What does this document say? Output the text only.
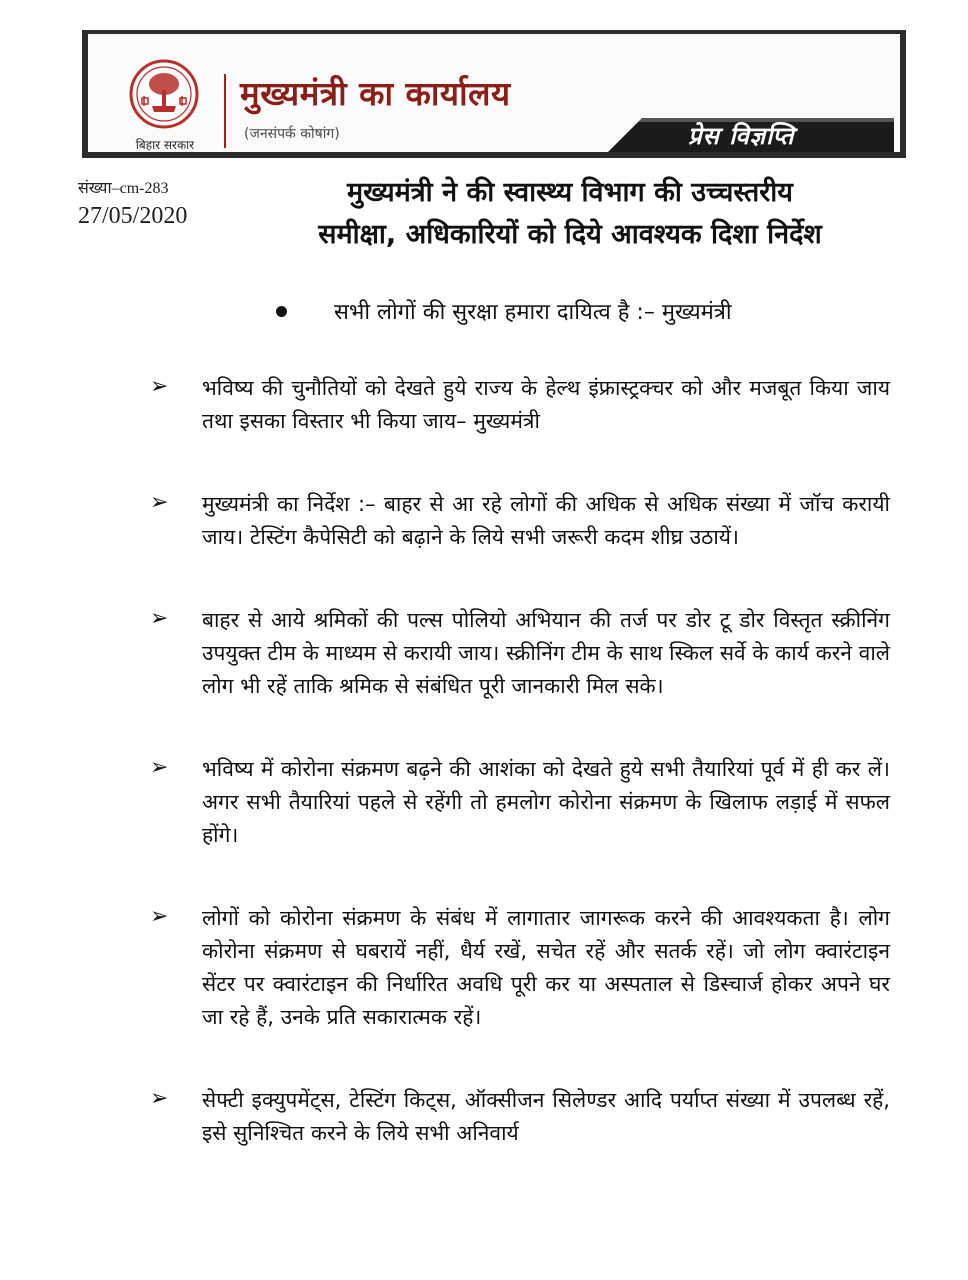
बिहार सरकार
मुख्यमंत्री का कार्यालय
(जनसंपर्क कोषांग)	प्रेस विज्ञप्ति
संख्या–cm-283
27/05/2020
मुख्यमंत्री ने की स्वास्थ्य विभाग की उच्चस्तरीय
समीक्षा, अधिकारियों को दिये आवश्यक दिशा निर्देश
सभी लोगों की सुरक्षा हमारा दायित्व है :– मुख्यमंत्री
➢ भविष्य की चुनौतियों को देखते हुये राज्य के हेल्थ इंफ्रास्ट्रक्चर को और मजबूत किया जाय तथा इसका विस्तार भी किया जाय– मुख्यमंत्री
➢ मुख्यमंत्री का निर्देश :– बाहर से आ रहे लोगों की अधिक से अधिक संख्या में जॉच करायी जाय। टेस्टिंग कैपेसिटी को बढ़ाने के लिये सभी जरूरी कदम शीघ्र उठायें।
➢ बाहर से आये श्रमिकों की पल्स पोलियो अभियान की तर्ज पर डोर टू डोर विस्तृत स्क्रीनिंग उपयुक्त टीम के माध्यम से करायी जाय। स्क्रीनिंग टीम के साथ स्किल सर्वे के कार्य करने वाले लोग भी रहें ताकि श्रमिक से संबंधित पूरी जानकारी मिल सके।
➢ भविष्य में कोरोना संक्रमण बढ़ने की आशंका को देखते हुये सभी तैयारियां पूर्व में ही कर लें। अगर सभी तैयारियां पहले से रहेंगी तो हमलोग कोरोना संक्रमण के खिलाफ लड़ाई में सफल होंगे।
➢ लोगों को कोरोना संक्रमण के संबंध में लागातार जागरूक करने की आवश्यकता है। लोग कोरोना संक्रमण से घबरायें नहीं, धैर्य रखें, सचेत रहें और सतर्क रहें। जो लोग क्वारंटाइन सेंटर पर क्वारंटाइन की निर्धारित अवधि पूरी कर या अस्पताल से डिस्चार्ज होकर अपने घर जा रहे हैं, उनके प्रति सकारात्मक रहें।
➢ सेफ्टी इक्युपमेंट्स, टेस्टिंग किट्स, ऑक्सीजन सिलेण्डर आदि पर्याप्त संख्या में उपलब्ध रहें, इसे सुनिश्चित करने के लिये सभी अनिवार्य
